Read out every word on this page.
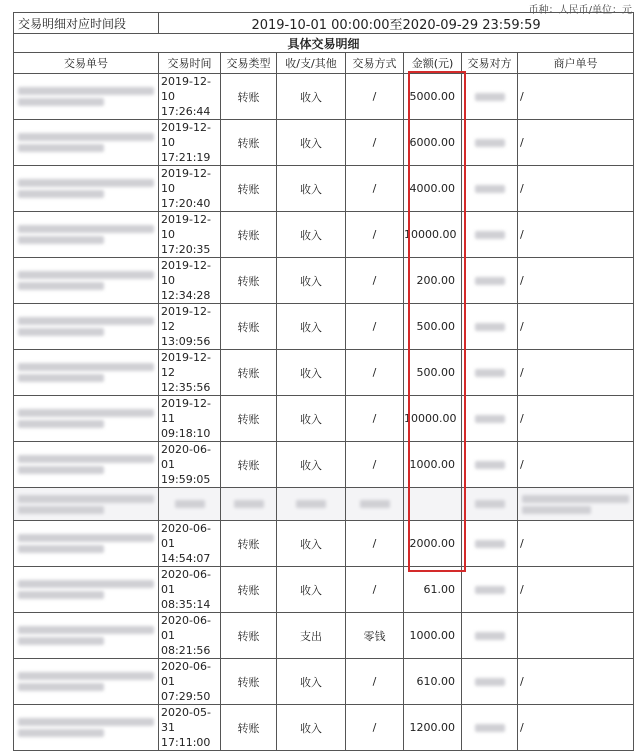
币种：人民币/单位：元
交易明细对应时间段	2019-10-01 00:00:00至2020-09-29 23:59:59						
具体交易明细							
交易单号	交易时间	交易类型	收/支/其他	交易方式	金额(元)	交易对方	商户单号

	2019-12-10
17:26:44	转账	收入	/	5000.00		/

	2019-12-10
17:21:19	转账	收入	/	6000.00		/

	2019-12-10
17:20:40	转账	收入	/	4000.00		/

	2019-12-10
17:20:35	转账	收入	/	10000.00		/

	2019-12-10
12:34:28	转账	收入	/	200.00		/

	2019-12-12
13:09:56	转账	收入	/	500.00		/

	2019-12-12
12:35:56	转账	收入	/	500.00		/

	2019-12-11
09:18:10	转账	收入	/	10000.00		/

	2020-06-01
19:59:05	转账	收入	/	1000.00		/

	2020-06-01
14:54:07	转账	收入	/	2000.00		/

	2020-06-01
08:35:14	转账	收入	/	61.00		/

	2020-06-01
08:21:56	转账	支出	零钱	1000.00	

	2020-06-01
07:29:50	转账	收入	/	610.00		/

	2020-05-31
17:11:00	转账	收入	/	1200.00		/
